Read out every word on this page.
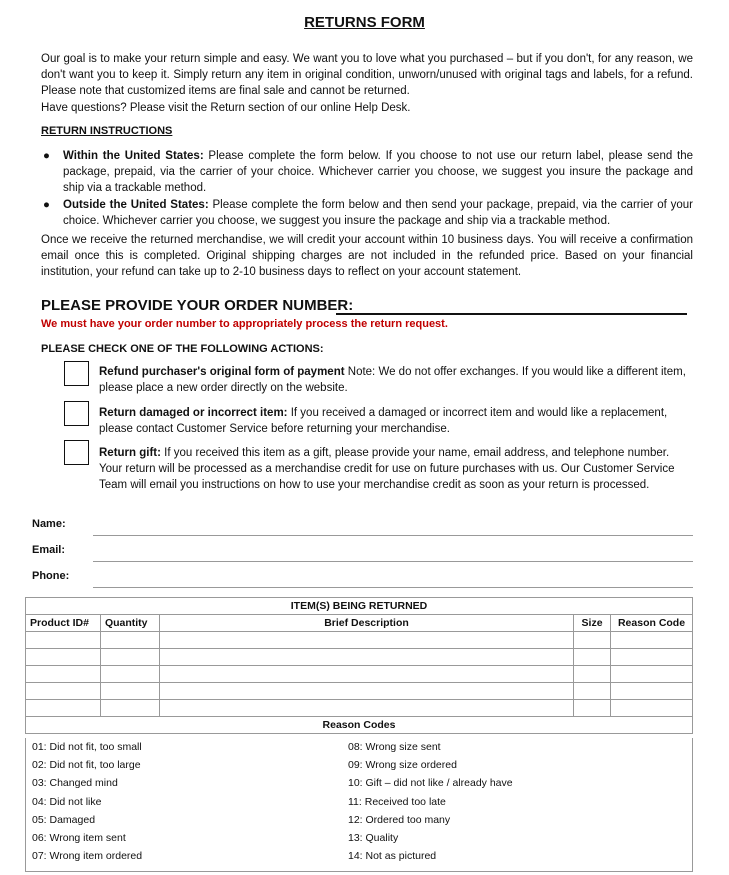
RETURNS FORM

Our goal is to make your return simple and easy. We want you to love what you purchased – but if you don't, for any reason, we don't want you to keep it. Simply return any item in original condition, unworn/unused with original tags and labels, for a refund. Please note that customized items are final sale and cannot be returned.

Have questions? Please visit the Return section of our online Help Desk.

RETURN INSTRUCTIONS
● Within the United States: Please complete the form below. If you choose to not use our return label, please send the package, prepaid, via the carrier of your choice. Whichever carrier you choose, we suggest you insure the package and ship via a trackable method.
● Outside the United States: Please complete the form below and then send your package, prepaid, via the carrier of your choice. Whichever carrier you choose, we suggest you insure the package and ship via a trackable method.
Once we receive the returned merchandise, we will credit your account within 10 business days. You will receive a confirmation email once this is completed. Original shipping charges are not included in the refunded price. Based on your financial institution, your refund can take up to 2-10 business days to reflect on your account statement.
PLEASE PROVIDE YOUR ORDER NUMBER:
We must have your order number to appropriately process the return request.
PLEASE CHECK ONE OF THE FOLLOWING ACTIONS:
Refund purchaser's original form of payment Note: We do not offer exchanges. If you would like a different item, please place a new order directly on the website.
Return damaged or incorrect item: If you received a damaged or incorrect item and would like a replacement, please contact Customer Service before returning your merchandise.
Return gift: If you received this item as a gift, please provide your name, email address, and telephone number. Your return will be processed as a merchandise credit for use on future purchases with us. Our Customer Service Team will email you instructions on how to use your merchandise credit as soon as your return is processed.
Name:
Email:
Phone:
ITEM(S) BEING RETURNED				
Product ID#	Quantity	Brief Description	Size	Reason Code

Reason Codes				
01: Did not fit, too small
02: Did not fit, too large
03: Changed mind
04: Did not like
05: Damaged
06: Wrong item sent
07: Wrong item ordered
08: Wrong size sent
09: Wrong size ordered
10: Gift – did not like / already have
11: Received too late
12: Ordered too many
13: Quality
14: Not as pictured
